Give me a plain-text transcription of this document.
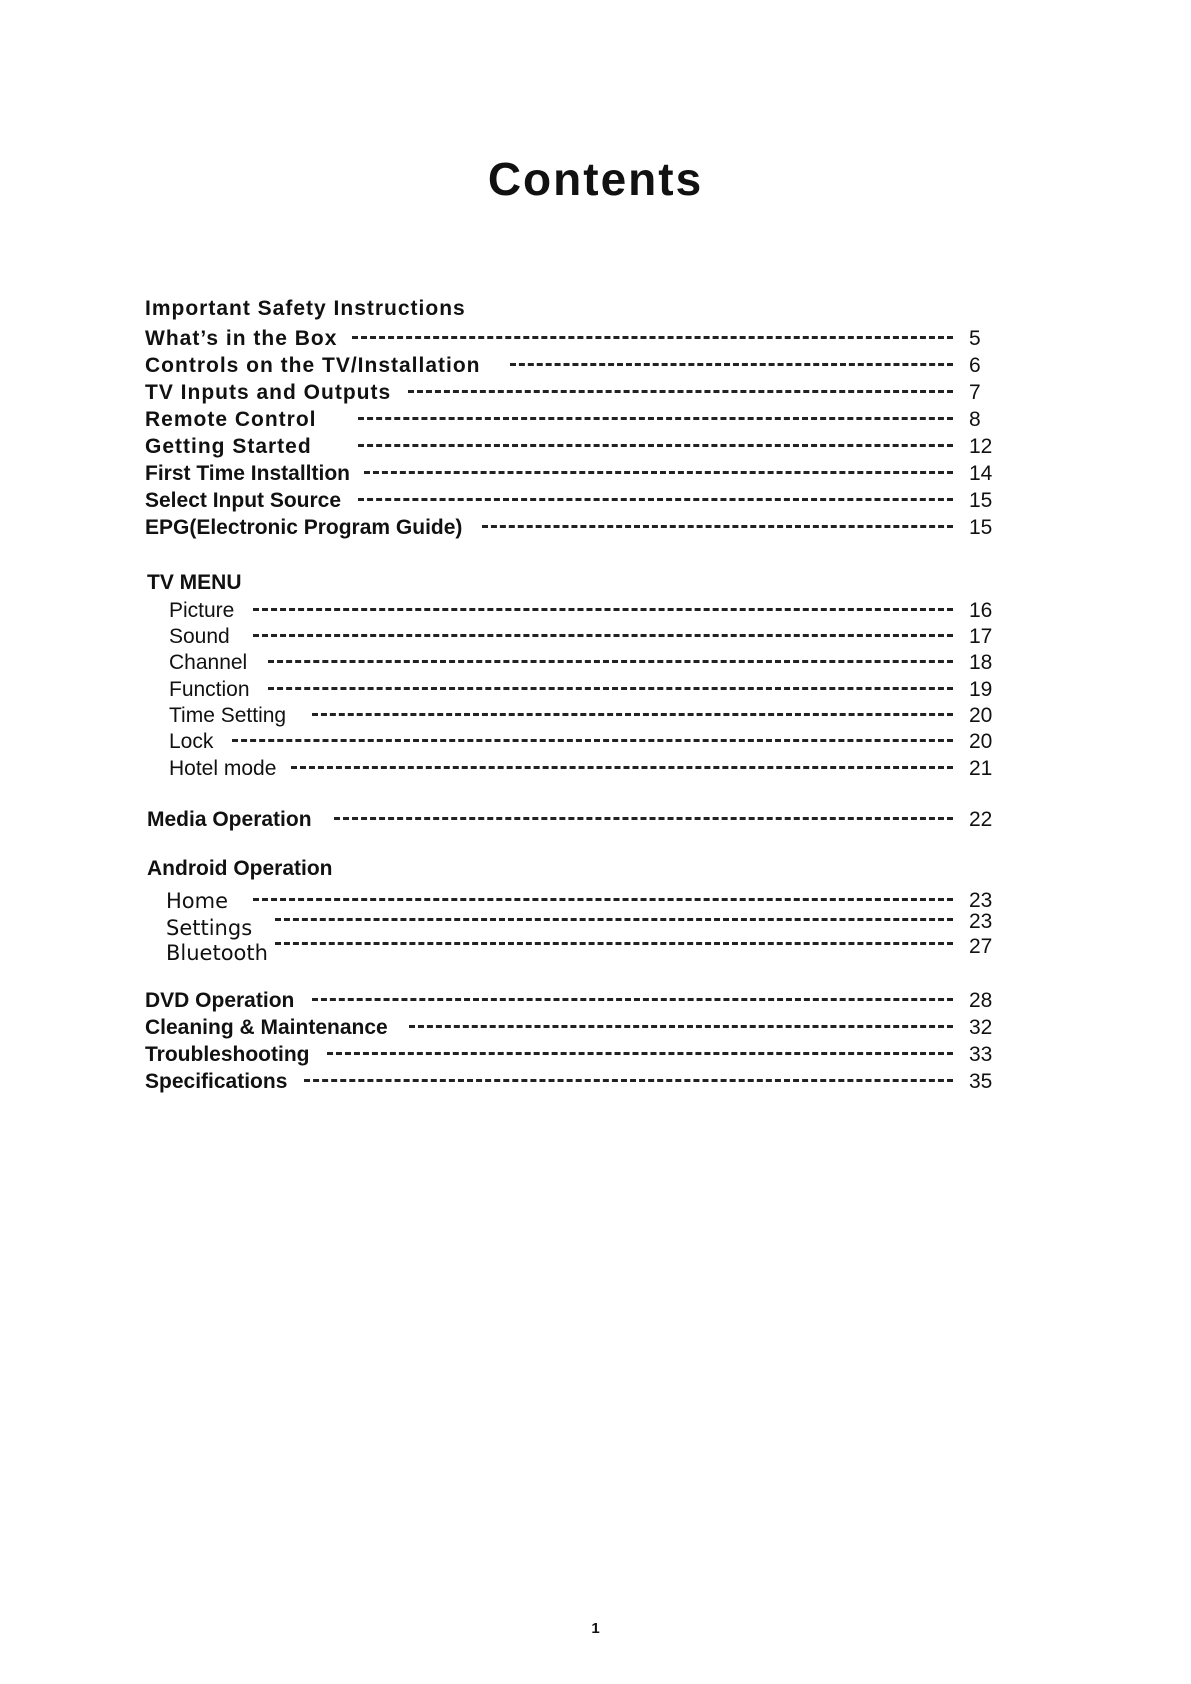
Contents
Important Safety Instructions
What’s in the Box	5
Controls on the TV/Installation	6
TV Inputs and Outputs	7
Remote Control	8
Getting Started	12
First Time Installtion	14
Select Input Source	15
EPG(Electronic Program Guide)	15
TV MENU
Picture	16
Sound	17
Channel	18
Function	19
Time Setting	20
Lock	20
Hotel mode	21
Media Operation	22
Android Operation
Home	23
Settings	23
Bluetooth	27
DVD Operation	28
Cleaning & Maintenance	32
Troubleshooting	33
Specifications	35
1
